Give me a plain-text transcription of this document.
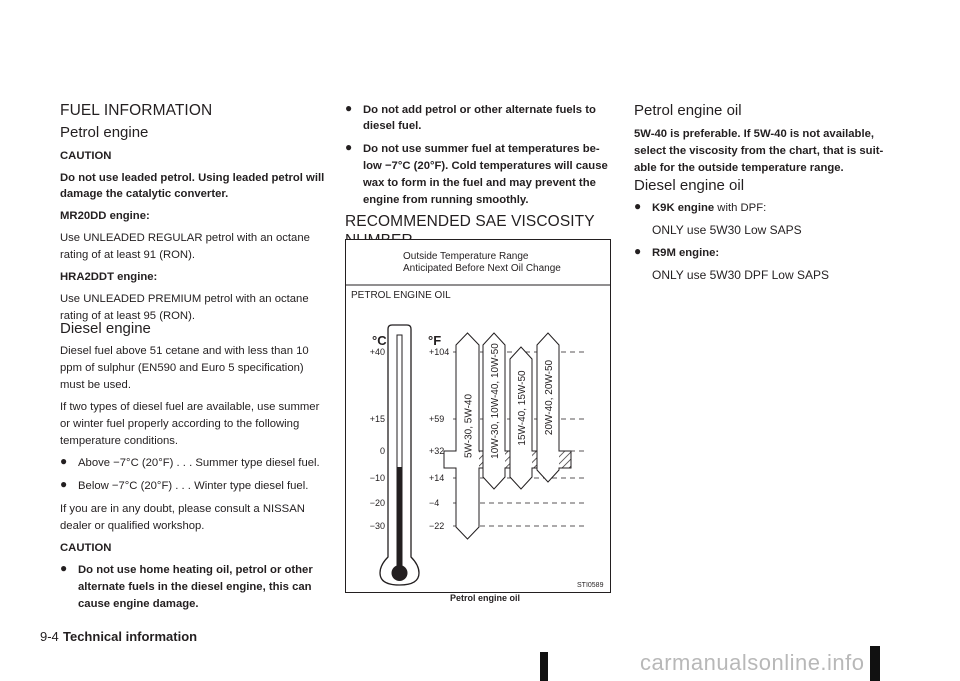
FUEL INFORMATION
Petrol engine

CAUTION

Do not use leaded petrol. Using leaded petrol will

damage the catalytic converter.

MR20DD engine:

Use UNLEADED REGULAR petrol with an octane

rating of at least 91 (RON).

HRA2DDT engine:

Use UNLEADED PREMIUM petrol with an octane

rating of at least 95 (RON).

Diesel engine

Diesel fuel above 51 cetane and with less than 10

ppm of sulphur (EN590 and Euro 5 specification)

must be used.

If two types of diesel fuel are available, use summer

or winter fuel properly according to the following

temperature conditions.

● Above −7°C (20°F) . . . Summer type diesel fuel.

● Below −7°C (20°F) . . . Winter type diesel fuel.

If you are in any doubt, please consult a NISSAN

dealer or qualified workshop.

CAUTION

● Do not use home heating oil, petrol or other

alternate fuels in the diesel engine, this can

cause engine damage.

● Do not add petrol or other alternate fuels to

diesel fuel.

● Do not use summer fuel at temperatures be-

low −7°C (20°F). Cold temperatures will cause

wax to form in the fuel and may prevent the

engine from running smoothly.

RECOMMENDED SAE VISCOSITY
Outside Temperature Range
Anticipated Before Next Oil Change
PETROL ENGINE OIL
°C	°F
+40
+15
0
−10
−20
−30
+104
+59
+32
+14
−4
−22
5W-30, 5W-40 10W-30, 10W-40, 10W-50 15W-40, 15W-50 20W-40, 20W-50
STI0589

Petrol engine oil

Petrol engine oil

5W-40 is preferable. If 5W-40 is not available,

select the viscosity from the chart, that is suit-

able for the outside temperature range.

Diesel engine oil
● K9K engine with DPF:

ONLY use 5W30 Low SAPS

● R9M engine:

ONLY use 5W30 DPF Low SAPS

9-4 Technical information
carmanualsonline.info
